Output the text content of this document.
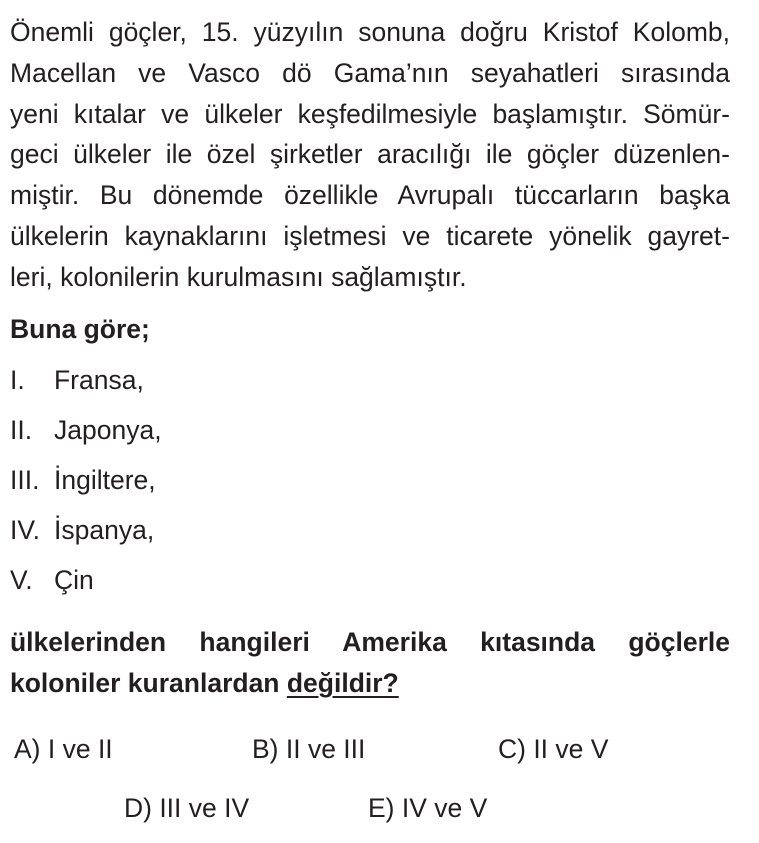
Önemli göçler, 15. yüzyılın sonuna doğru Kristof Kolomb,
Macellan ve Vasco dö Gama’nın seyahatleri sırasında
yeni kıtalar ve ülkeler keşfedilmesiyle başlamıştır. Sömür-
geci ülkeler ile özel şirketler aracılığı ile göçler düzenlen-
miştir. Bu dönemde özellikle Avrupalı tüccarların başka
ülkelerin kaynaklarını işletmesi ve ticarete yönelik gayret-
leri, kolonilerin kurulmasını sağlamıştır.

Buna göre;

I. Fransa,
II. Japonya,
III. İngiltere,
IV. İspanya,
V. Çin

ülkelerinden hangileri Amerika kıtasında göçlerle
koloniler kuranlardan değildir?

A) I ve II	B) II ve III	C) II ve V
D) III ve IV	E) IV ve V
